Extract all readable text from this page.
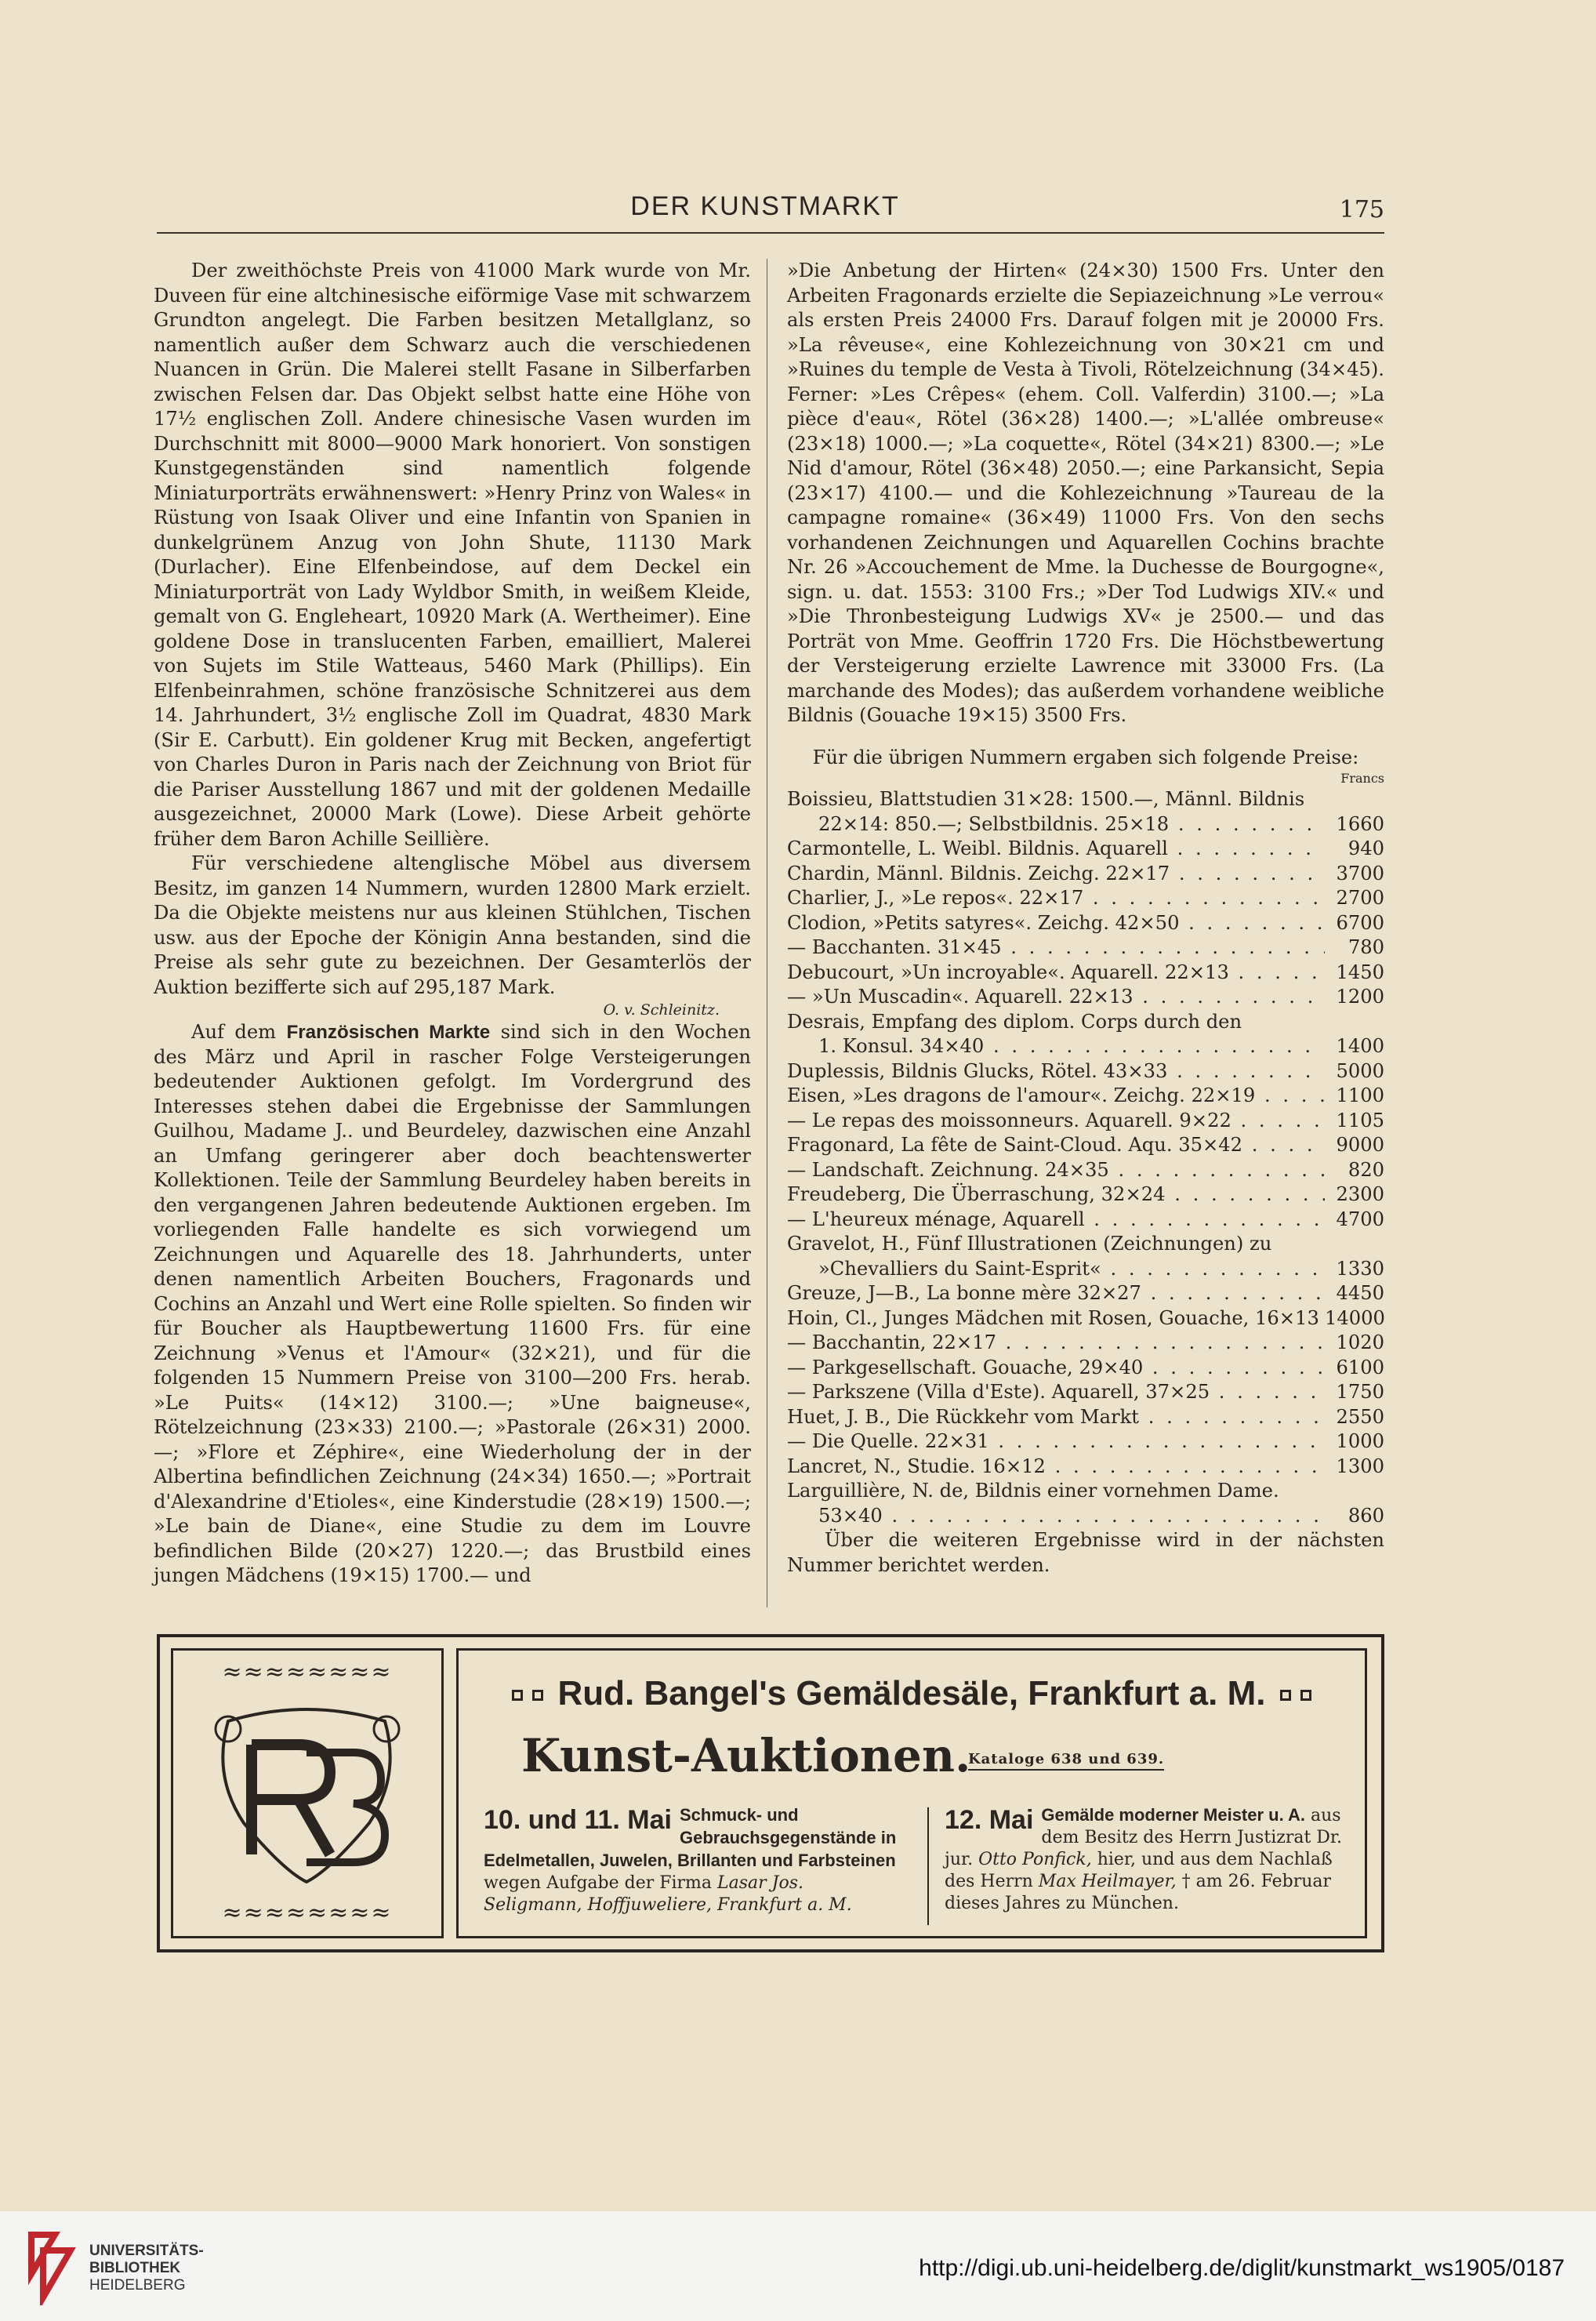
DER KUNSTMARKT	175

Der zweithöchste Preis von 41000 Mark wurde von Mr. Duveen für eine altchinesische eiförmige Vase mit schwarzem Grundton angelegt. Die Farben besitzen Metallglanz, so namentlich außer dem Schwarz auch die verschiedenen Nuancen in Grün. Die Malerei stellt Fasane in Silberfarben zwischen Felsen dar. Das Objekt selbst hatte eine Höhe von 17½ englischen Zoll. Andere chinesische Vasen wurden im Durchschnitt mit 8000—9000 Mark honoriert. Von sonstigen Kunstgegenständen sind namentlich folgende Miniaturporträts erwähnenswert: »Henry Prinz von Wales« in Rüstung von Isaak Oliver und eine Infantin von Spanien in dunkelgrünem Anzug von John Shute, 11130 Mark (Durlacher). Eine Elfenbeindose, auf dem Deckel ein Miniaturporträt von Lady Wyldbor Smith, in weißem Kleide, gemalt von G. Engleheart, 10920 Mark (A. Wertheimer). Eine goldene Dose in translucenten Farben, emailliert, Malerei von Sujets im Stile Watteaus, 5460 Mark (Phillips). Ein Elfenbeinrahmen, schöne französische Schnitzerei aus dem 14. Jahrhundert, 3½ englische Zoll im Quadrat, 4830 Mark (Sir E. Carbutt). Ein goldener Krug mit Becken, angefertigt von Charles Duron in Paris nach der Zeichnung von Briot für die Pariser Ausstellung 1867 und mit der goldenen Medaille ausgezeichnet, 20000 Mark (Lowe). Diese Arbeit gehörte früher dem Baron Achille Seillière.

Für verschiedene altenglische Möbel aus diversem Besitz, im ganzen 14 Nummern, wurden 12800 Mark erzielt. Da die Objekte meistens nur aus kleinen Stühlchen, Tischen usw. aus der Epoche der Königin Anna bestanden, sind die Preise als sehr gute zu bezeichnen. Der Gesamterlös der Auktion bezifferte sich auf 295,187 Mark.

O. v. Schleinitz.

Auf dem Französischen Markte sind sich in den Wochen des März und April in rascher Folge Versteigerungen bedeutender Auktionen gefolgt. Im Vordergrund des Interesses stehen dabei die Ergebnisse der Sammlungen Guilhou, Madame J.. und Beurdeley, dazwischen eine Anzahl an Umfang geringerer aber doch beachtenswerter Kollektionen. Teile der Sammlung Beurdeley haben bereits in den vergangenen Jahren bedeutende Auktionen ergeben. Im vorliegenden Falle handelte es sich vorwiegend um Zeichnungen und Aquarelle des 18. Jahrhunderts, unter denen namentlich Arbeiten Bouchers, Fragonards und Cochins an Anzahl und Wert eine Rolle spielten. So finden wir für Boucher als Hauptbewertung 11600 Frs. für eine Zeichnung »Venus et l'Amour« (32×21), und für die folgenden 15 Nummern Preise von 3100—200 Frs. herab. »Le Puits« (14×12) 3100.—; »Une baigneuse«, Rötelzeichnung (23×33) 2100.—; »Pastorale (26×31) 2000.—; »Flore et Zéphire«, eine Wiederholung der in der Albertina befindlichen Zeichnung (24×34) 1650.—; »Portrait d'Alexandrine d'Etioles«, eine Kinderstudie (28×19) 1500.—; »Le bain de Diane«, eine Studie zu dem im Louvre befindlichen Bilde (20×27) 1220.—; das Brustbild eines jungen Mädchens (19×15) 1700.— und

»Die Anbetung der Hirten« (24×30) 1500 Frs. Unter den Arbeiten Fragonards erzielte die Sepiazeichnung »Le verrou« als ersten Preis 24000 Frs. Darauf folgen mit je 20000 Frs. »La rêveuse«, eine Kohlezeichnung von 30×21 cm und »Ruines du temple de Vesta à Tivoli, Rötelzeichnung (34×45). Ferner: »Les Crêpes« (ehem. Coll. Valferdin) 3100.—; »La pièce d'eau«, Rötel (36×28) 1400.—; »L'allée ombreuse« (23×18) 1000.—; »La coquette«, Rötel (34×21) 8300.—; »Le Nid d'amour, Rötel (36×48) 2050.—; eine Parkansicht, Sepia (23×17) 4100.— und die Kohlezeichnung »Taureau de la campagne romaine« (36×49) 11000 Frs. Von den sechs vorhandenen Zeichnungen und Aquarellen Cochins brachte Nr. 26 »Accouchement de Mme. la Duchesse de Bourgogne«, sign. u. dat. 1553: 3100 Frs.; »Der Tod Ludwigs XIV.« und »Die Thronbesteigung Ludwigs XV« je 2500.— und das Porträt von Mme. Geoffrin 1720 Frs. Die Höchstbewertung der Versteigerung erzielte Lawrence mit 33000 Frs. (La marchande des Modes); das außerdem vorhandene weibliche Bildnis (Gouache 19×15) 3500 Frs.

Für die übrigen Nummern ergaben sich folgende Preise:

Francs

Boissieu, Blattstudien 31×28: 1500.—, Männl. Bildnis
22×14: 850.—; Selbstbildnis. 25×18 . . .	1660
Carmontelle, L. Weibl. Bildnis. Aquarell . . .	940
Chardin, Männl. Bildnis. Zeichg. 22×17 . . .	3700
Charlier, J., »Le repos«. 22×17 . . .	2700
Clodion, »Petits satyres«. Zeichg. 42×50 . . .	6700
— Bacchanten. 31×45 . . .	780
Debucourt, »Un incroyable«. Aquarell. 22×13 . . .	1450
— »Un Muscadin«. Aquarell. 22×13 . . .	1200
Desrais, Empfang des diplom. Corps durch den
1. Konsul. 34×40 . . .	1400
Duplessis, Bildnis Glucks, Rötel. 43×33 . . .	5000
Eisen, »Les dragons de l'amour«. Zeichg. 22×19 . . .	1100
— Le repas des moissonneurs. Aquarell. 9×22 . . .	1105
Fragonard, La fête de Saint-Cloud. Aqu. 35×42 . . .	9000
— Landschaft. Zeichnung. 24×35 . . .	820
Freudeberg, Die Überraschung, 32×24 . . .	2300
— L'heureux ménage, Aquarell . . .	4700
Gravelot, H., Fünf Illustrationen (Zeichnungen) zu
»Chevalliers du Saint-Esprit« . . .	1330
Greuze, J—B., La bonne mère 32×27 . . .	4450
Hoin, Cl., Junges Mädchen mit Rosen, Gouache, 16×13 . . . 14000
— Bacchantin, 22×17 . . .	1020
— Parkgesellschaft. Gouache, 29×40 . . .	6100
— Parkszene (Villa d'Este). Aquarell, 37×25 . . .	1750
Huet, J. B., Die Rückkehr vom Markt . . .	2550
— Die Quelle. 22×31 . . .	1000
Lancret, N., Studie. 16×12 . . .	1300
Larguillière, N. de, Bildnis einer vornehmen Dame.
53×40 . . .	860

Über die weiteren Ergebnisse wird in der nächsten Nummer berichtet werden.

≈≈≈≈≈≈≈≈
≈≈≈≈≈≈≈≈
Rud. Bangel's Gemäldesäle, Frankfurt a. M.
Kunst-Auktionen.
Kataloge 638 und 639.
10. und 11. Mai Schmuck- und Gebrauchsgegenstände in Edelmetallen, Juwelen, Brillanten und Farbsteinen wegen Aufgabe der Firma Lasar Jos. Seligmann, Hoffjuweliere, Frankfurt a. M.
12. Mai Gemälde moderner Meister u. A. aus dem Besitz des Herrn Justizrat Dr. jur. Otto Ponfick, hier, und aus dem Nachlaß des Herrn Max Heilmayer, † am 26. Februar dieses Jahres zu München.
UNIVERSITÄTS-
BIBLIOTHEK
HEIDELBERG
http://digi.ub.uni-heidelberg.de/diglit/kunstmarkt_ws1905/0187
